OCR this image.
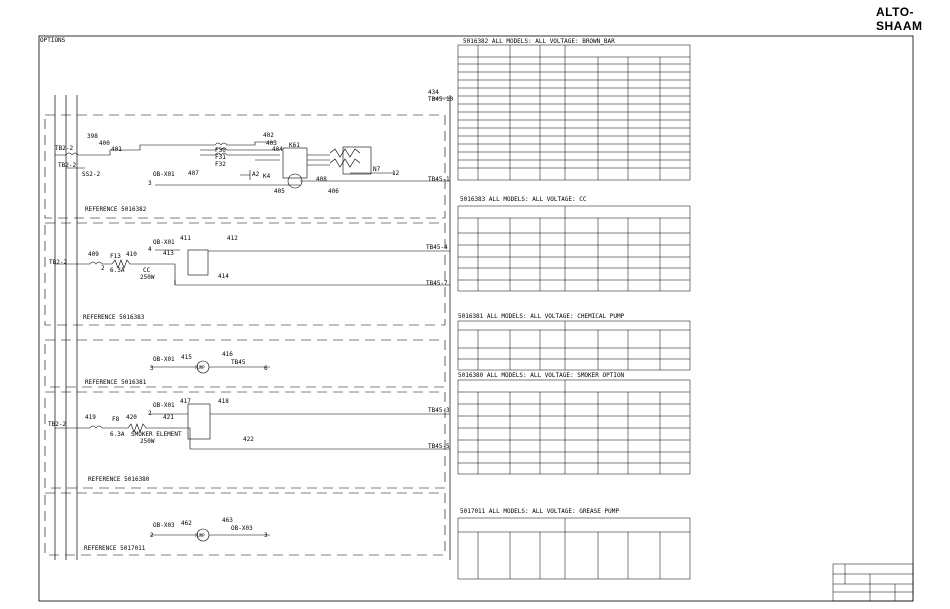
ALTO-SHAAM
OPTIONS
REFERENCE 5016382
REFERENCE 5016383
REFERENCE 5016381
REFERENCE 5016380
REFERENCE 5017011
5016382 ALL MODELS: ALL VOLTAGE: BROWN_BAR
5016383 ALL MODELS: ALL VOLTAGE: CC
5016381 ALL MODELS: ALL VOLTAGE: CHEMICAL PUMP
5016380 ALL MODELS: ALL VOLTAGE: SMOKER OPTION
5017011 ALL MODELS: ALL VOLTAGE: GREASE PUMP
TB2-2
TB2-2
SS2-2
398
400
401
402
403
404
405	406
407
408
F30
F31
F32
K61
A2 K4
N7
12
OB-X01
3
434
TB45-10
TB45-1
TB2-2
409	410
411	412
413
414
F13
6.3A	CC
250W
OB-X01
4
2
TB45-4
TB45-7
OB-X01 415	416
TB45
3	6
PUMP
TB2-2
419	420
417	418
421
422
F8
6.3A SMOKER ELEMENT
250W
OB-X01
2	TB45-3
TB45-5
OB-X03 462	463
OB-X03
2	3
PUMP
